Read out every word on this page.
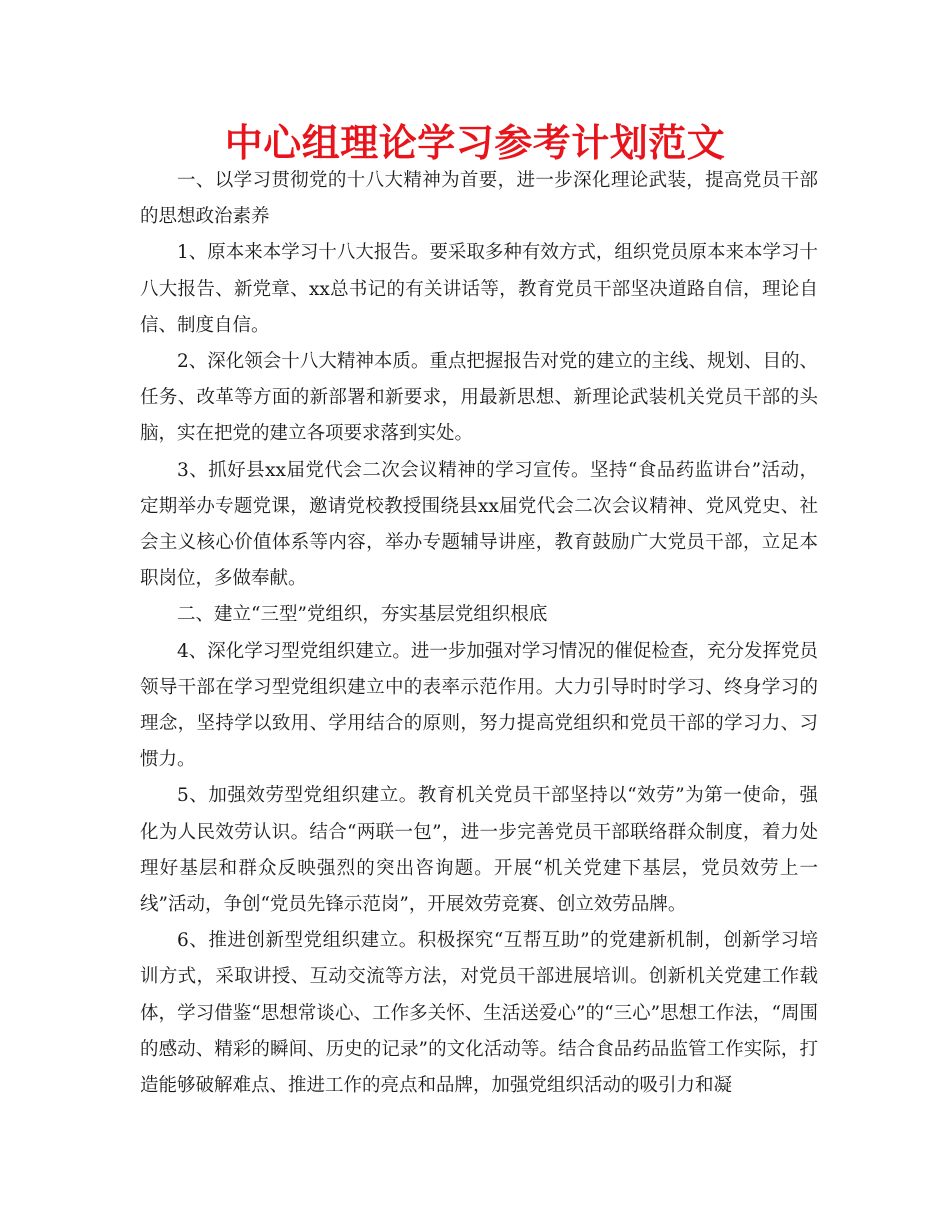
中心组理论学习参考计划范文

一、以学习贯彻党的十八大精神为首要，进一步深化理论武装，提高党员干部的思想政治素养

1、原本来本学习十八大报告。要采取多种有效方式，组织党员原本来本学习十八大报告、新党章、xx总书记的有关讲话等，教育党员干部坚决道路自信，理论自信、制度自信。

2、深化领会十八大精神本质。重点把握报告对党的建立的主线、规划、目的、任务、改革等方面的新部署和新要求，用最新思想、新理论武装机关党员干部的头脑，实在把党的建立各项要求落到实处。

3、抓好县xx届党代会二次会议精神的学习宣传。坚持“食品药监讲台”活动，定期举办专题党课，邀请党校教授围绕县xx届党代会二次会议精神、党风党史、社会主义核心价值体系等内容，举办专题辅导讲座，教育鼓励广大党员干部，立足本职岗位，多做奉献。

二、建立“三型”党组织，夯实基层党组织根底

4、深化学习型党组织建立。进一步加强对学习情况的催促检查，充分发挥党员领导干部在学习型党组织建立中的表率示范作用。大力引导时时学习、终身学习的理念，坚持学以致用、学用结合的原则，努力提高党组织和党员干部的学习力、习惯力。

5、加强效劳型党组织建立。教育机关党员干部坚持以“效劳”为第一使命，强化为人民效劳认识。结合“两联一包”，进一步完善党员干部联络群众制度，着力处理好基层和群众反映强烈的突出咨询题。开展“机关党建下基层，党员效劳上一线”活动，争创“党员先锋示范岗”，开展效劳竞赛、创立效劳品牌。

6、推进创新型党组织建立。积极探究“互帮互助”的党建新机制，创新学习培训方式，采取讲授、互动交流等方法，对党员干部进展培训。创新机关党建工作载体，学习借鉴“思想常谈心、工作多关怀、生活送爱心”的“三心”思想工作法，“周围的感动、精彩的瞬间、历史的记录”的文化活动等。结合食品药品监管工作实际，打造能够破解难点、推进工作的亮点和品牌，加强党组织活动的吸引力和凝
